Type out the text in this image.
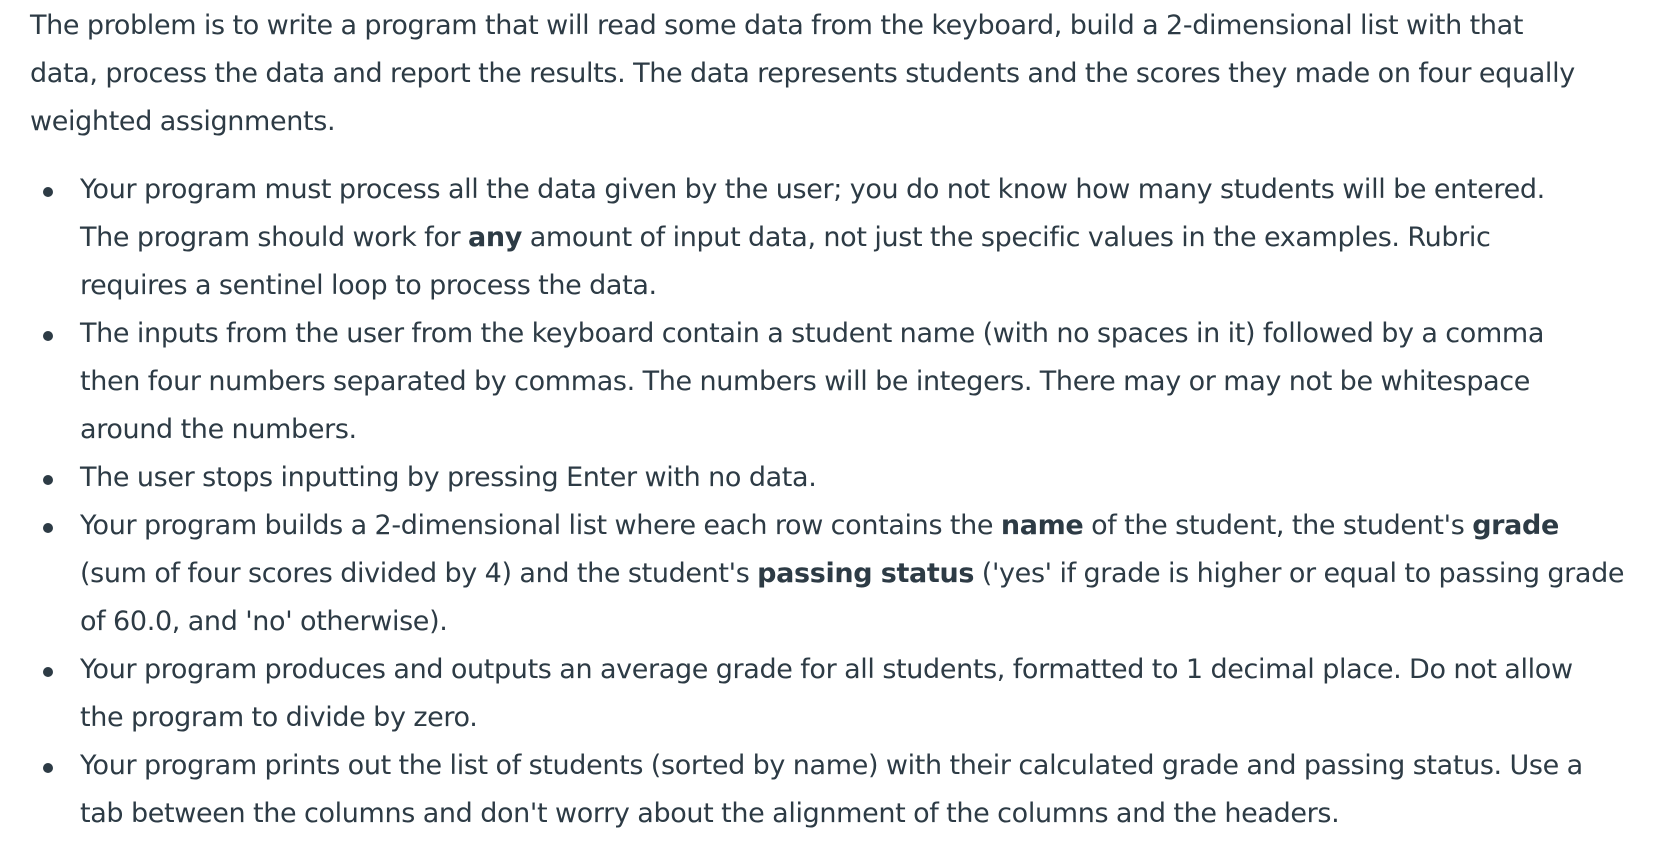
The problem is to write a program that will read some data from the keyboard, build a 2-dimensional list with that
data, process the data and report the results. The data represents students and the scores they made on four equally
weighted assignments.
Your program must process all the data given by the user; you do not know how many students will be entered.
The program should work for any amount of input data, not just the specific values in the examples. Rubric
requires a sentinel loop to process the data.
The inputs from the user from the keyboard contain a student name (with no spaces in it) followed by a comma
then four numbers separated by commas. The numbers will be integers. There may or may not be whitespace
around the numbers.
The user stops inputting by pressing Enter with no data.
Your program builds a 2-dimensional list where each row contains the name of the student, the student's grade
(sum of four scores divided by 4) and the student's passing status ('yes' if grade is higher or equal to passing grade
of 60.0, and 'no' otherwise).
Your program produces and outputs an average grade for all students, formatted to 1 decimal place. Do not allow
the program to divide by zero.
Your program prints out the list of students (sorted by name) with their calculated grade and passing status. Use a
tab between the columns and don't worry about the alignment of the columns and the headers.
